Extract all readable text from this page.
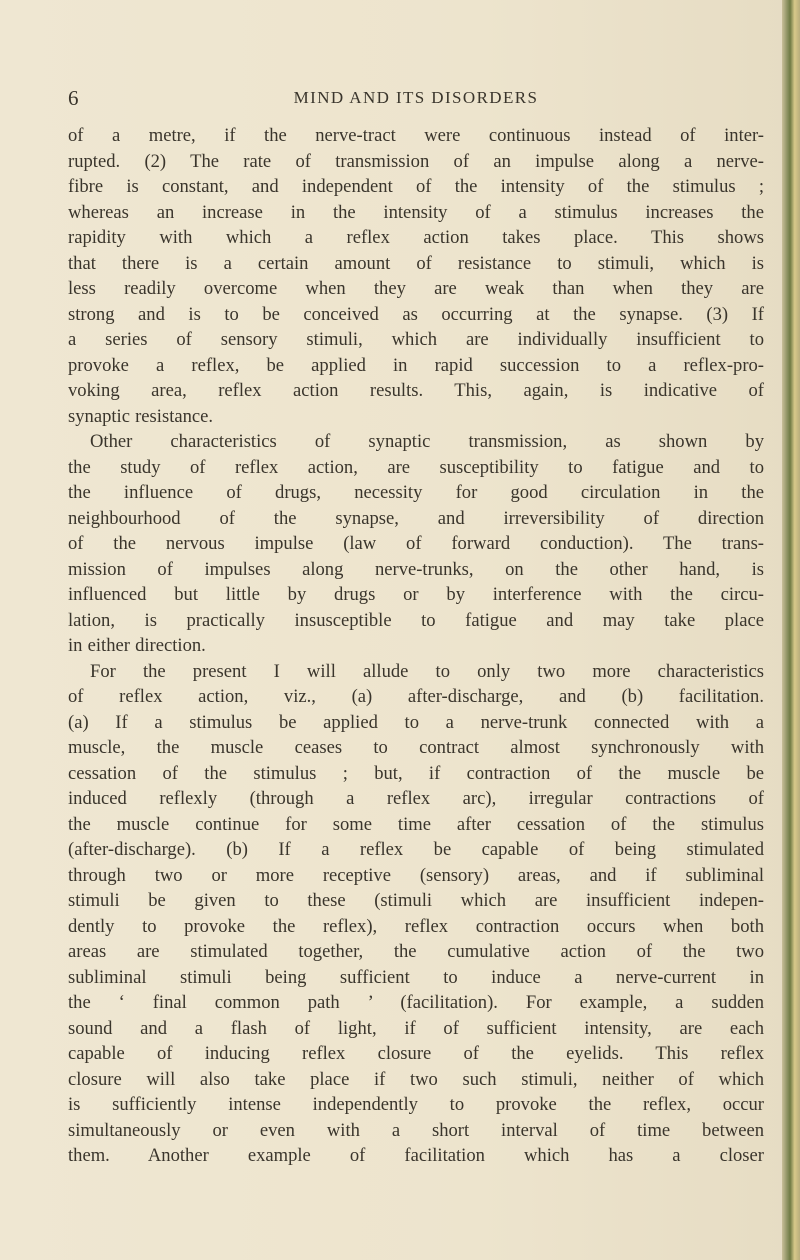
6	MIND AND ITS DISORDERS
of a metre, if the nerve-tract were continuous instead of inter-
rupted. (2) The rate of transmission of an impulse along a nerve-
fibre is constant, and independent of the intensity of the stimulus ;
whereas an increase in the intensity of a stimulus increases the
rapidity with which a reflex action takes place. This shows
that there is a certain amount of resistance to stimuli, which is
less readily overcome when they are weak than when they are
strong and is to be conceived as occurring at the synapse. (3) If
a series of sensory stimuli, which are individually insufficient to
provoke a reflex, be applied in rapid succession to a reflex-pro-
voking area, reflex action results. This, again, is indicative of
synaptic resistance.
Other characteristics of synaptic transmission, as shown by
the study of reflex action, are susceptibility to fatigue and to
the influence of drugs, necessity for good circulation in the
neighbourhood of the synapse, and irreversibility of direction
of the nervous impulse (law of forward conduction). The trans-
mission of impulses along nerve-trunks, on the other hand, is
influenced but little by drugs or by interference with the circu-
lation, is practically insusceptible to fatigue and may take place
in either direction.
For the present I will allude to only two more characteristics
of reflex action, viz., (a) after-discharge, and (b) facilitation.
(a) If a stimulus be applied to a nerve-trunk connected with a
muscle, the muscle ceases to contract almost synchronously with
cessation of the stimulus ; but, if contraction of the muscle be
induced reflexly (through a reflex arc), irregular contractions of
the muscle continue for some time after cessation of the stimulus
(after-discharge). (b) If a reflex be capable of being stimulated
through two or more receptive (sensory) areas, and if subliminal
stimuli be given to these (stimuli which are insufficient indepen-
dently to provoke the reflex), reflex contraction occurs when both
areas are stimulated together, the cumulative action of the two
subliminal stimuli being sufficient to induce a nerve-current in
the ‘ final common path ’ (facilitation). For example, a sudden
sound and a flash of light, if of sufficient intensity, are each
capable of inducing reflex closure of the eyelids. This reflex
closure will also take place if two such stimuli, neither of which
is sufficiently intense independently to provoke the reflex, occur
simultaneously or even with a short interval of time between
them. Another example of facilitation which has a closer
